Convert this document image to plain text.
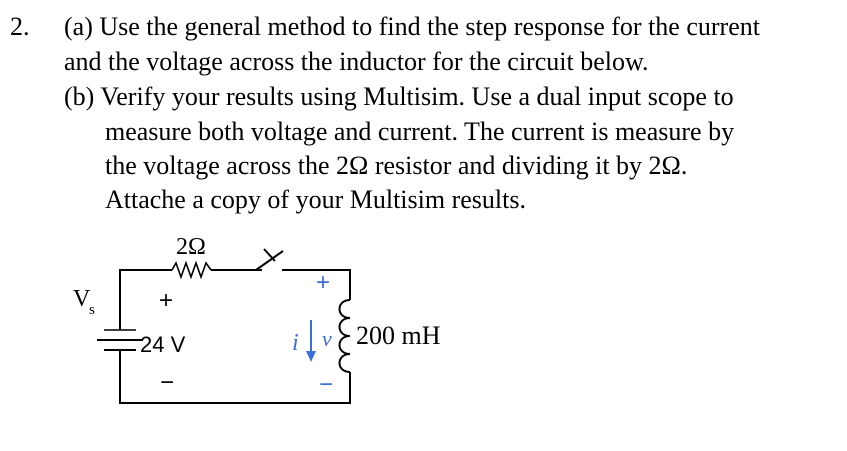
2. (a) Use the general method to find the step response for the current
and the voltage across the inductor for the circuit below.
(b) Verify your results using Multisim. Use a dual input scope to
measure both voltage and current. The current is measure by
the voltage across the 2Ω resistor and dividing it by 2Ω.
Attache a copy of your Multisim results.
2Ω
V
s	+
24 V
−
+
−
i v 200 mH
